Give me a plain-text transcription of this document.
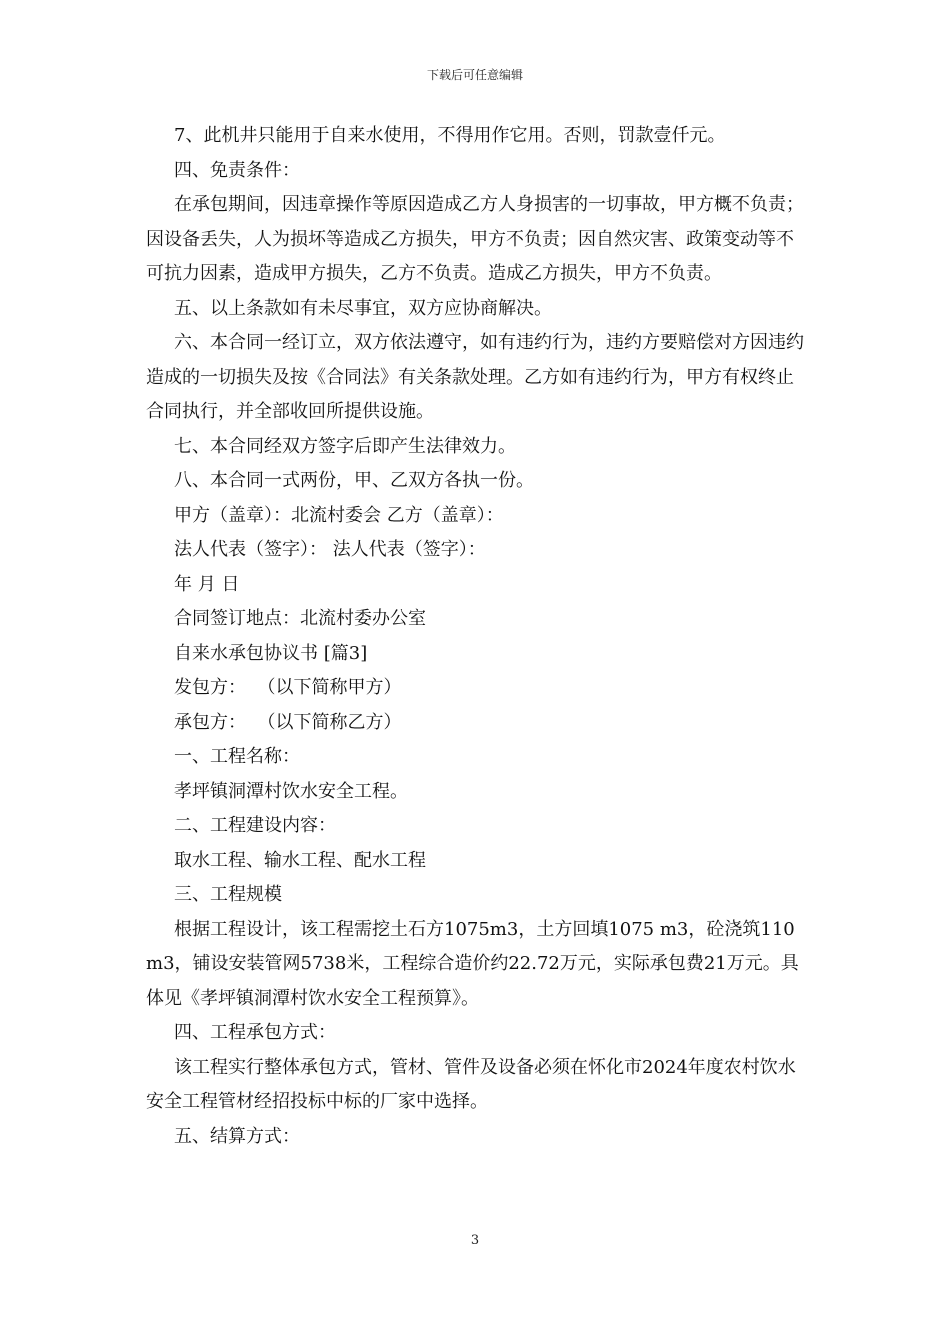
下载后可任意编辑

7、此机井只能用于自来水使用，不得用作它用。否则，罚款壹仟元。

四、免责条件：

在承包期间，因违章操作等原因造成乙方人身损害的一切事故，甲方概不负责；因设备丢失，人为损坏等造成乙方损失，甲方不负责；因自然灾害、政策变动等不可抗力因素，造成甲方损失，乙方不负责。造成乙方损失，甲方不负责。

五、以上条款如有未尽事宜，双方应协商解决。

六、本合同一经订立，双方依法遵守，如有违约行为，违约方要赔偿对方因违约造成的一切损失及按《合同法》有关条款处理。乙方如有违约行为，甲方有权终止合同执行，并全部收回所提供设施。

七、本合同经双方签字后即产生法律效力。

八、本合同一式两份，甲、乙双方各执一份。

甲方（盖章）：北流村委会 乙方（盖章）：

法人代表（签字）： 法人代表（签字）：

年 月 日

合同签订地点：北流村委办公室

自来水承包协议书 [篇3]

发包方：  （以下简称甲方）

承包方：  （以下简称乙方）

一、工程名称：

孝坪镇洞潭村饮水安全工程。

二、工程建设内容：

取水工程、输水工程、配水工程

三、工程规模

根据工程设计，该工程需挖土石方1075m3，土方回填1075 m3，砼浇筑110 m3，铺设安装管网5738米，工程综合造价约22.72万元，实际承包费21万元。具体见《孝坪镇洞潭村饮水安全工程预算》。

四、工程承包方式：

该工程实行整体承包方式，管材、管件及设备必须在怀化市2024年度农村饮水安全工程管材经招投标中标的厂家中选择。

五、结算方式：

3
